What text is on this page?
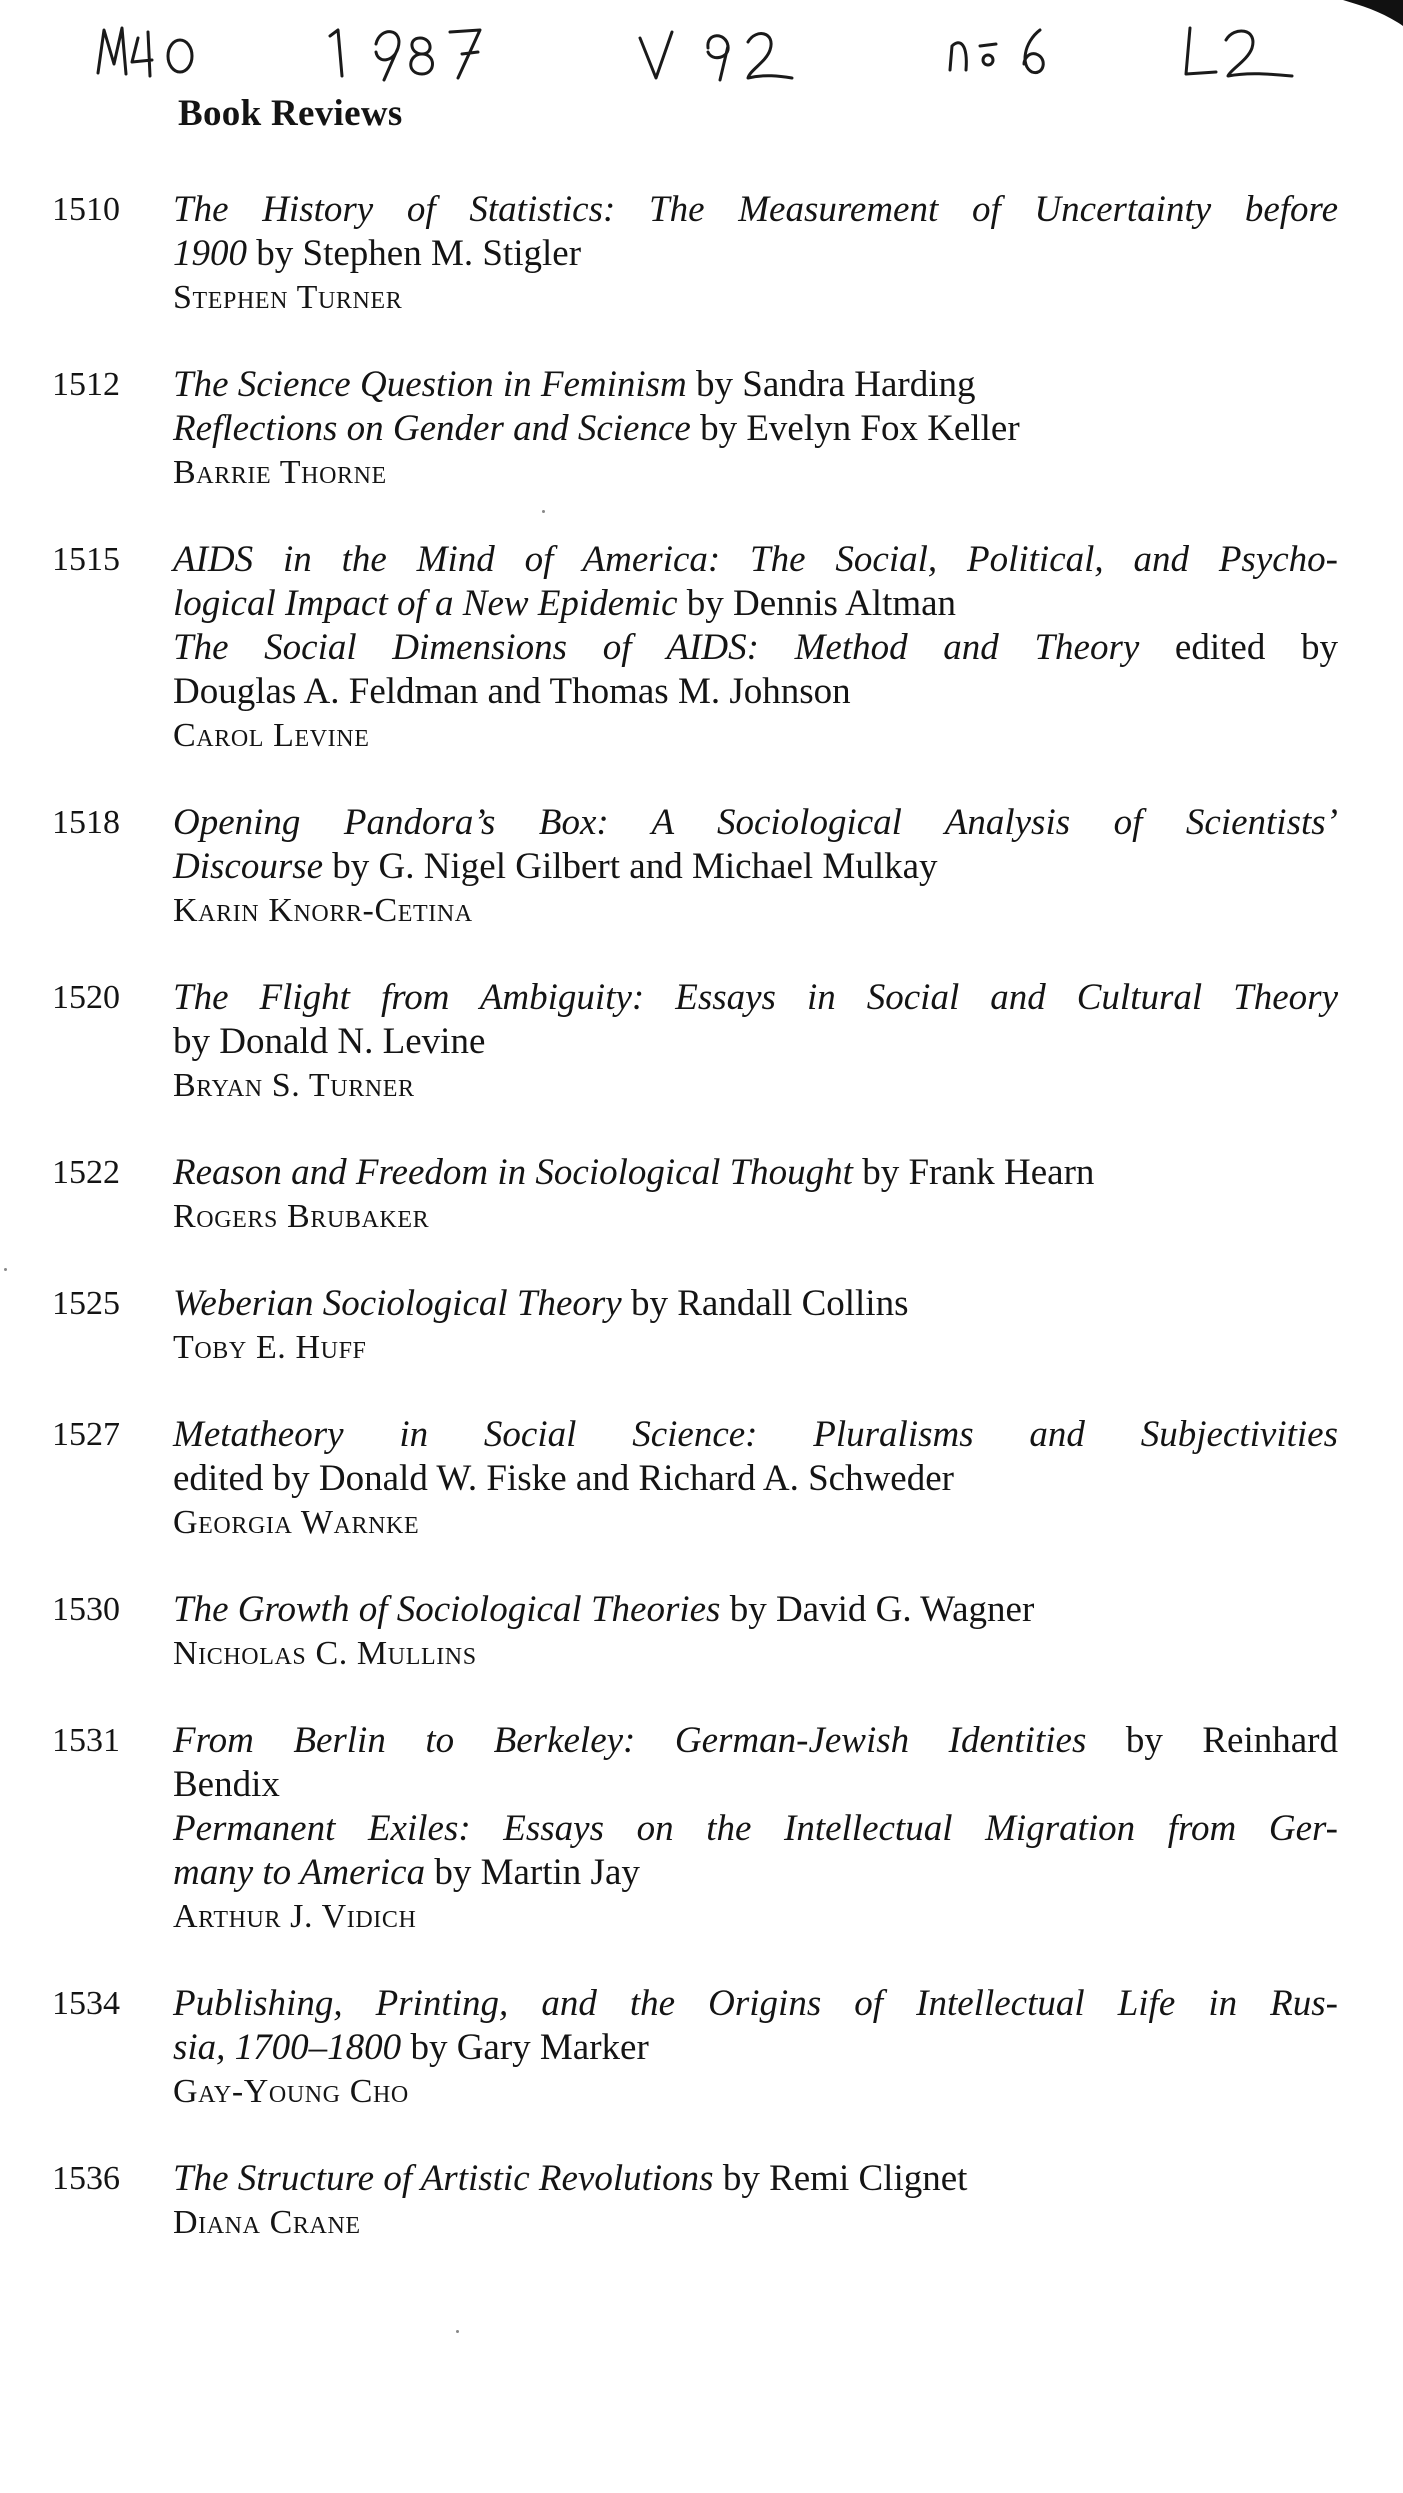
Book Reviews
1510 The History of Statistics: The Measurement of Uncertainty before
1900 by Stephen M. Stigler
Stephen Turner
1512 The Science Question in Feminism by Sandra Harding
Reflections on Gender and Science by Evelyn Fox Keller
Barrie Thorne
1515 AIDS in the Mind of America: The Social, Political, and Psycho-
logical Impact of a New Epidemic by Dennis Altman
The Social Dimensions of AIDS: Method and Theory edited by
Douglas A. Feldman and Thomas M. Johnson
Carol Levine
1518 Opening Pandora’s Box: A Sociological Analysis of Scientists’
Discourse by G. Nigel Gilbert and Michael Mulkay
Karin Knorr-Cetina
1520 The Flight from Ambiguity: Essays in Social and Cultural Theory
by Donald N. Levine
Bryan S. Turner
1522 Reason and Freedom in Sociological Thought by Frank Hearn
Rogers Brubaker
1525 Weberian Sociological Theory by Randall Collins
Toby E. Huff
1527 Metatheory in Social Science: Pluralisms and Subjectivities
edited by Donald W. Fiske and Richard A. Schweder
Georgia Warnke
1530 The Growth of Sociological Theories by David G. Wagner
Nicholas C. Mullins
1531 From Berlin to Berkeley: German-Jewish Identities by Reinhard
Bendix
Permanent Exiles: Essays on the Intellectual Migration from Ger-
many to America by Martin Jay
Arthur J. Vidich
1534 Publishing, Printing, and the Origins of Intellectual Life in Rus-
sia, 1700–1800 by Gary Marker
Gay-Young Cho
1536 The Structure of Artistic Revolutions by Remi Clignet
Diana Crane
